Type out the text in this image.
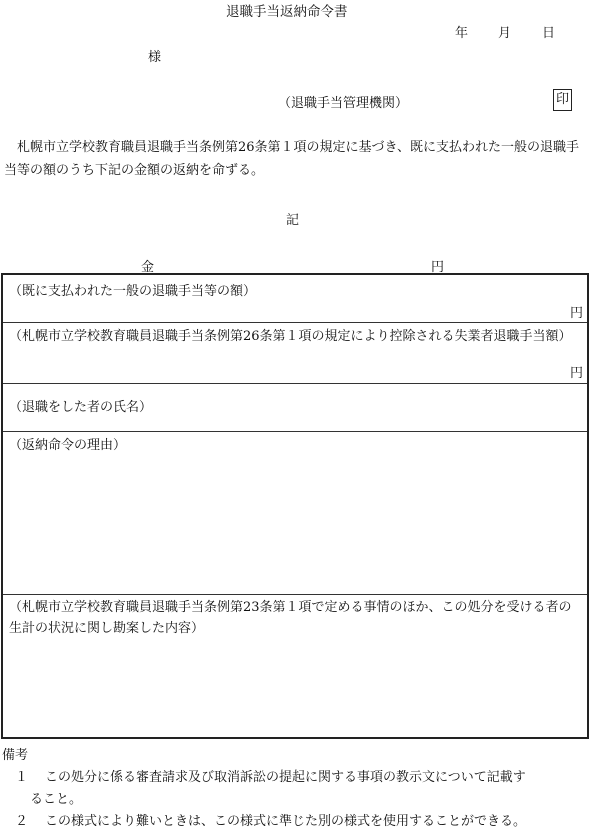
退職手当返納命令書
年 月 日
様
（退職手当管理機関）	印
札幌市立学校教育職員退職手当条例第26条第１項の規定に基づき、既に支払われた一般の退職手当等の額のうち下記の金額の返納を命ずる。
記
金	円
（既に支払われた一般の退職手当等の額）
円
（札幌市立学校教育職員退職手当条例第26条第１項の規定により控除される失業者退職手当額）
円
（退職をした者の氏名）
（返納命令の理由）
（札幌市立学校教育職員退職手当条例第23条第１項で定める事情のほか、この処分を受ける者の生計の状況に関し勘案した内容）
備考
１ この処分に係る審査請求及び取消訴訟の提起に関する事項の教示文について記載す
ること。
２ この様式により難いときは、この様式に準じた別の様式を使用することができる。
